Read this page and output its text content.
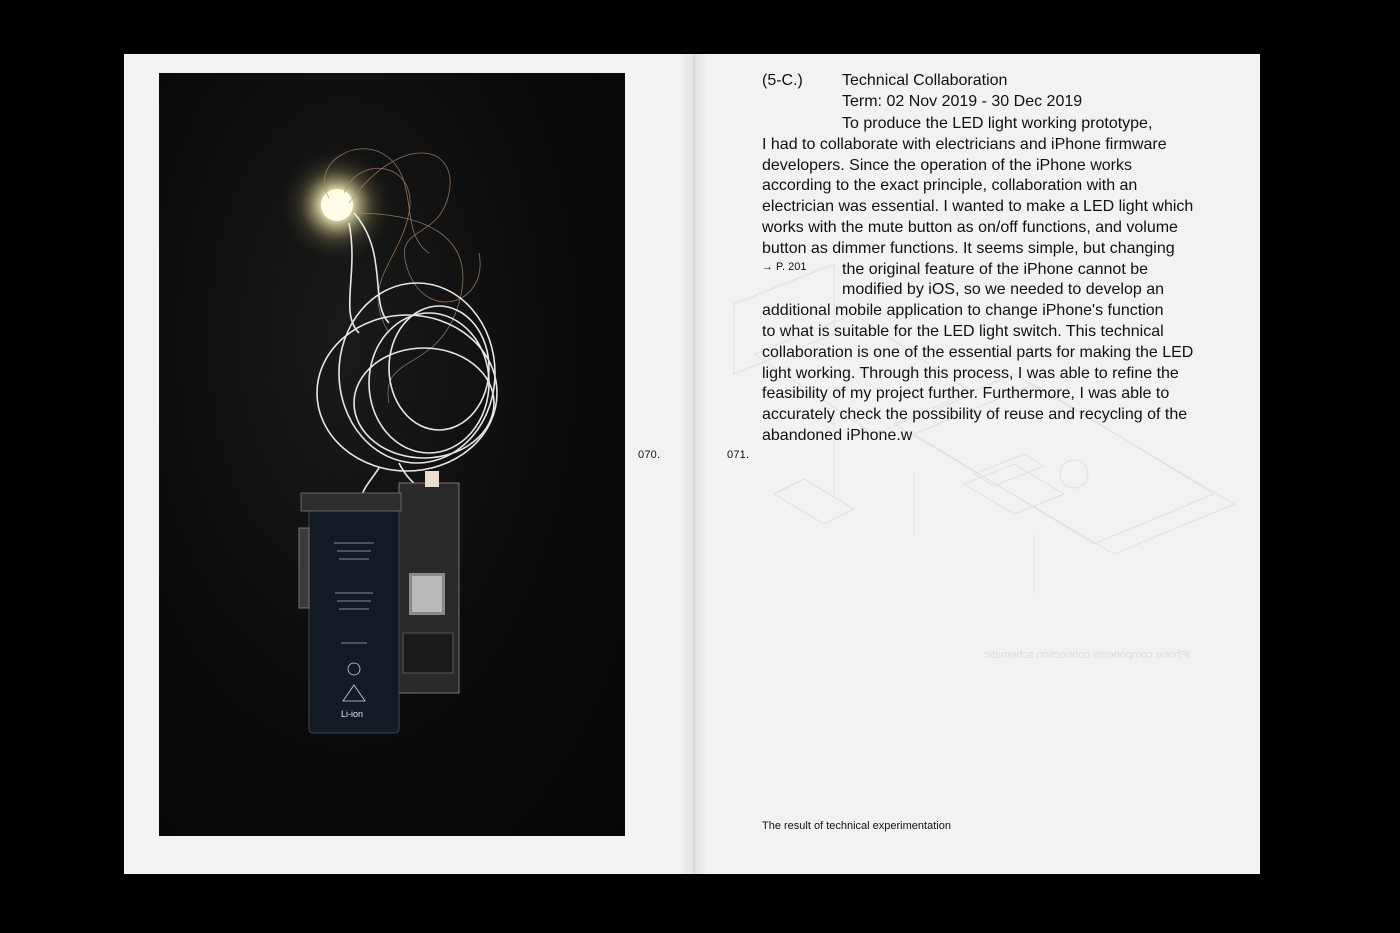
Li-ion
070.	071.
iPhone components connection schematic
(5-C.) Technical Collaboration
Term: 02 Nov 2019 - 30 Dec 2019
To produce the LED light working prototype,
I had to collaborate with electricians and iPhone firmware
developers. Since the operation of the iPhone works
according to the exact principle, collaboration with an
electrician was essential. I wanted to make a LED light which
works with the mute button as on/off functions, and volume
button as dimmer functions. It seems simple, but changing
the original feature of the iPhone cannot be
modified by iOS, so we needed to develop an
additional mobile application to change iPhone's function
to what is suitable for the LED light switch. This technical
collaboration is one of the essential parts for making the LED
light working. Through this process, I was able to refine the
feasibility of my project further. Furthermore, I was able to
accurately check the possibility of reuse and recycling of the
abandoned iPhone.w
→ P. 201
The result of technical experimentation
